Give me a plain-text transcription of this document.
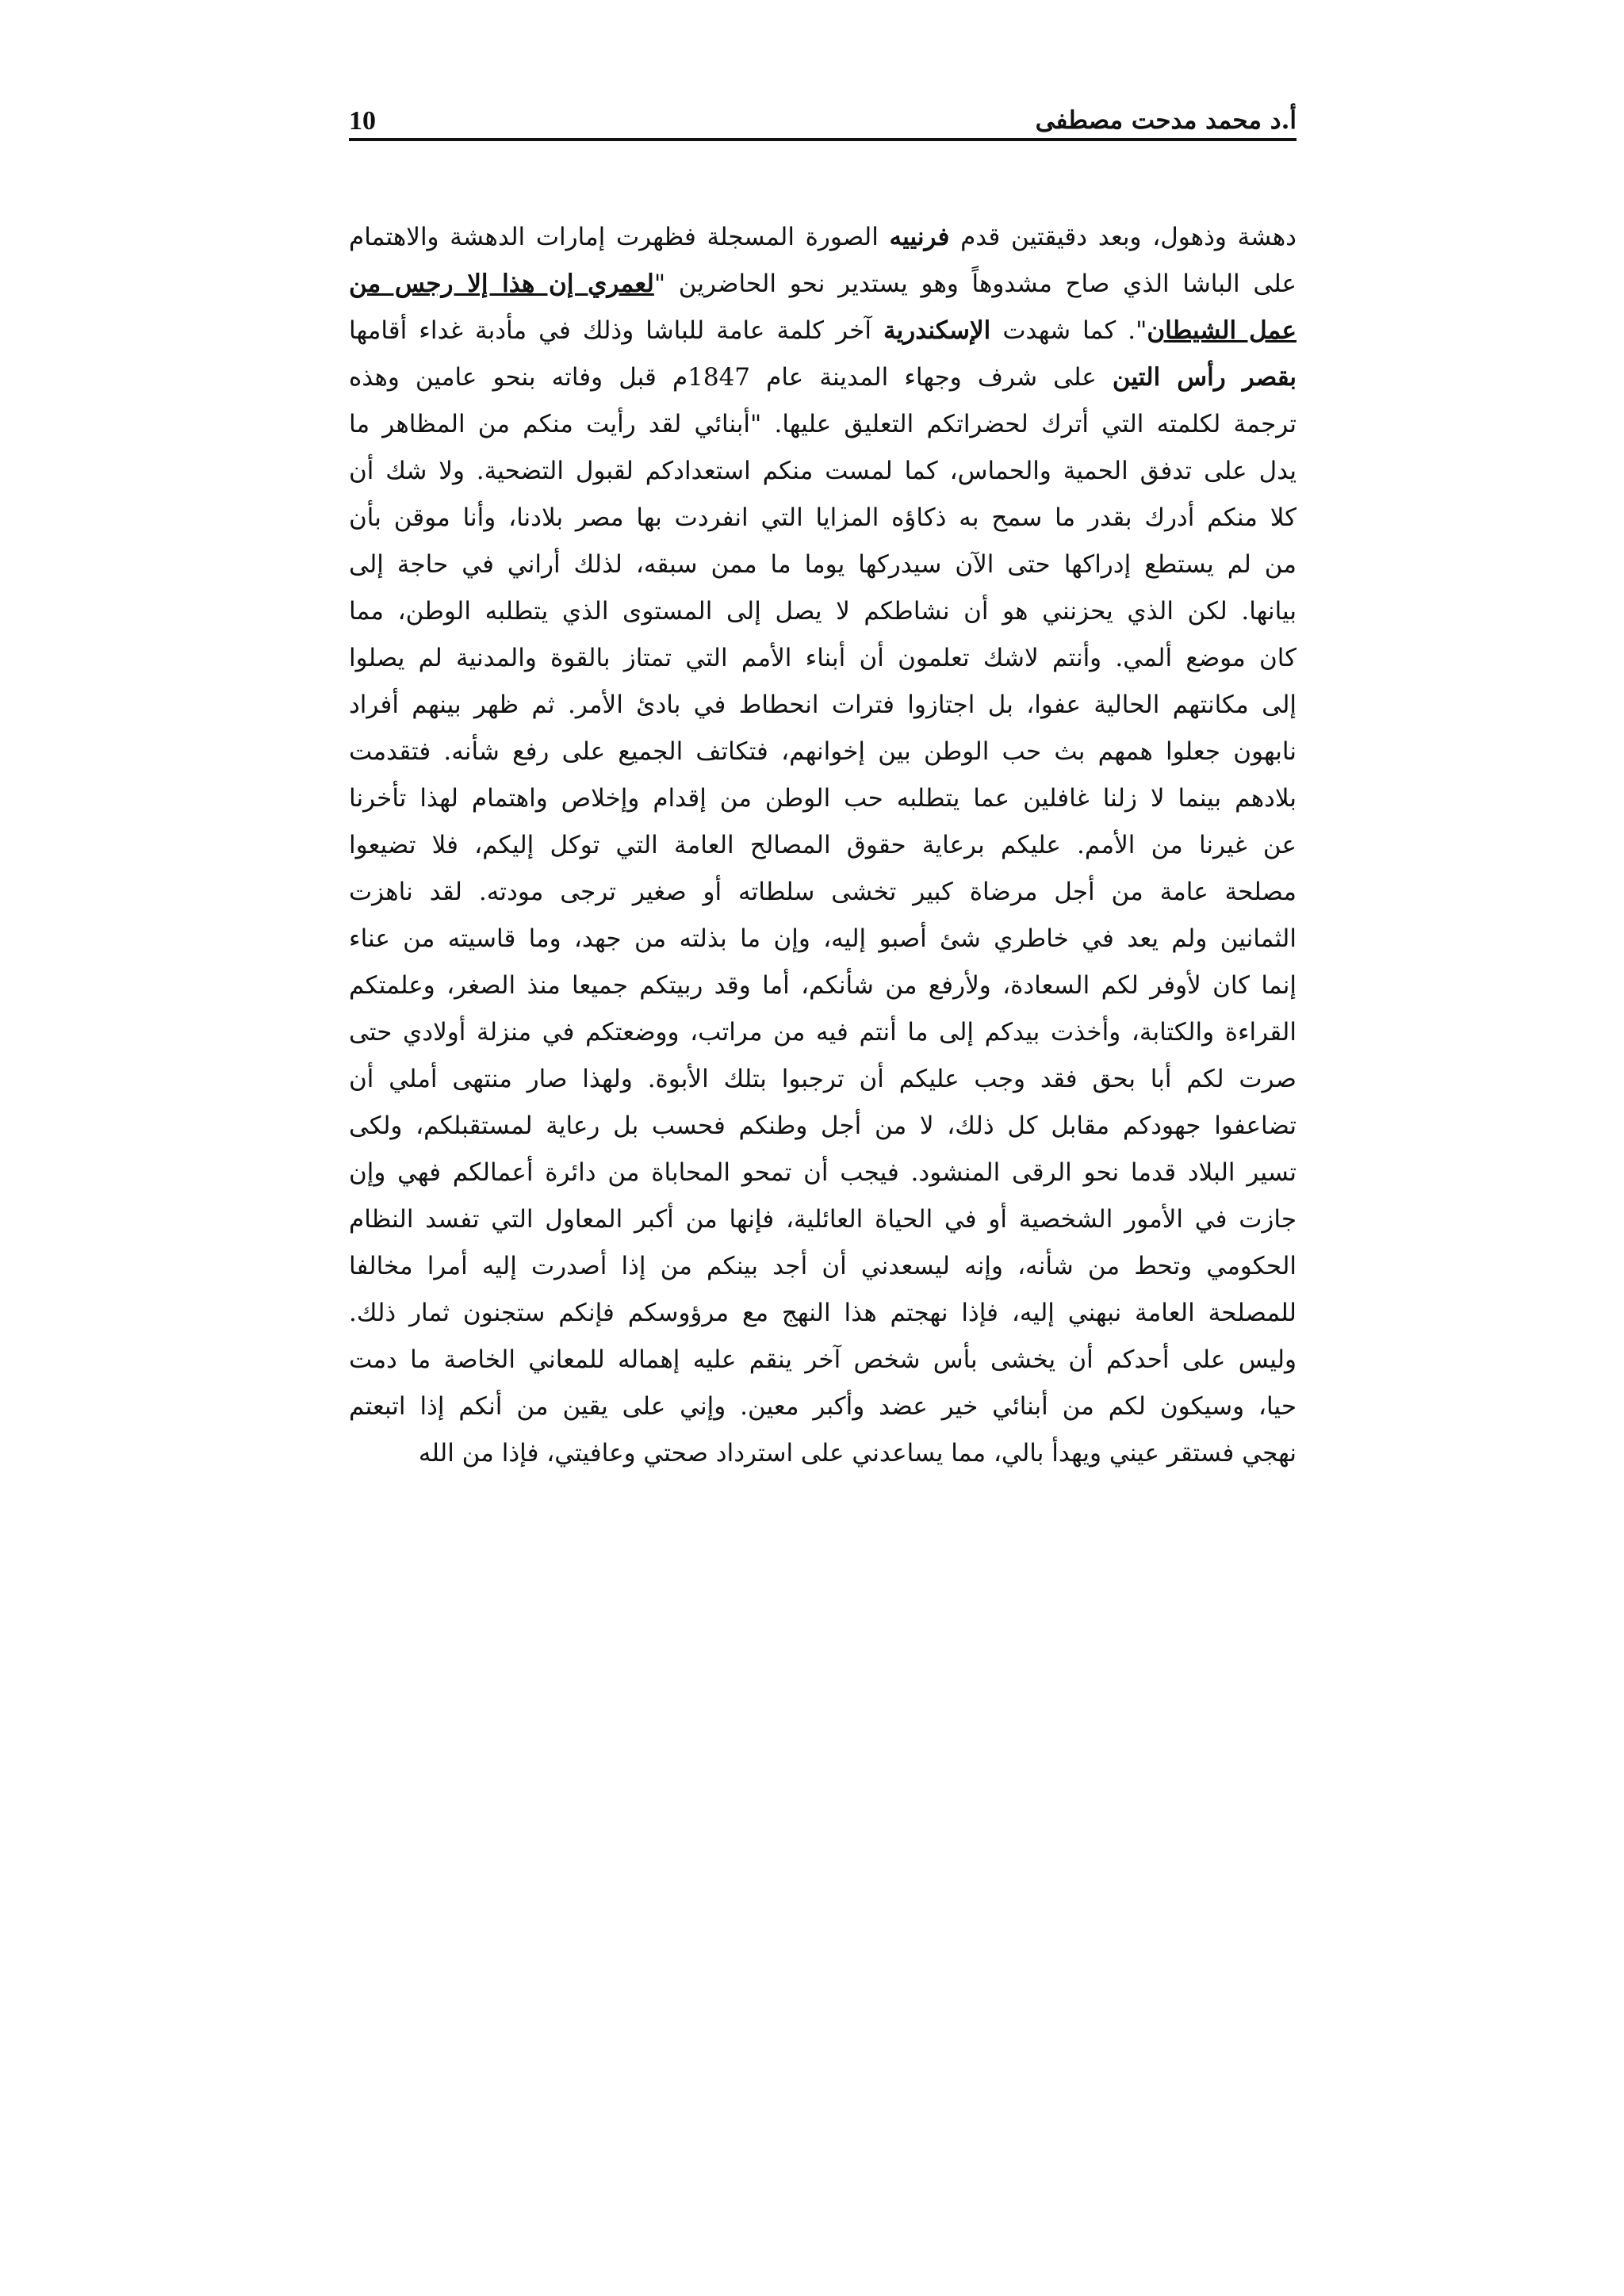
10	أ.د محمد مدحت مصطفى
دهشة وذهول، وبعد دقيقتين قدم فرنييه الصورة المسجلة فظهرت إمارات الدهشة والاهتمام
على الباشا الذي صاح مشدوهاً وهو يستدير نحو الحاضرين "لعمري إن هذا إلا رجس من
عمل الشيطان". كما شهدت الإسكندرية آخر كلمة عامة للباشا وذلك في مأدبة غداء أقامها
بقصر رأس التين على شرف وجهاء المدينة عام 1847م قبل وفاته بنحو عامين وهذه
ترجمة لكلمته التي أترك لحضراتكم التعليق عليها. "أبنائي لقد رأيت منكم من المظاهر ما
يدل على تدفق الحمية والحماس، كما لمست منكم استعدادكم لقبول التضحية. ولا شك أن
كلا منكم أدرك بقدر ما سمح به ذكاؤه المزايا التي انفردت بها مصر بلادنا، وأنا موقن بأن
من لم يستطع إدراكها حتى الآن سيدركها يوما ما ممن سبقه، لذلك أراني في حاجة إلى
بيانها. لكن الذي يحزنني هو أن نشاطكم لا يصل إلى المستوى الذي يتطلبه الوطن، مما
كان موضع ألمي. وأنتم لاشك تعلمون أن أبناء الأمم التي تمتاز بالقوة والمدنية لم يصلوا
إلى مكانتهم الحالية عفوا، بل اجتازوا فترات انحطاط في بادئ الأمر. ثم ظهر بينهم أفراد
نابهون جعلوا همهم بث حب الوطن بين إخوانهم، فتكاتف الجميع على رفع شأنه. فتقدمت
بلادهم بينما لا زلنا غافلين عما يتطلبه حب الوطن من إقدام وإخلاص واهتمام لهذا تأخرنا
عن غيرنا من الأمم. عليكم برعاية حقوق المصالح العامة التي توكل إليكم، فلا تضيعوا
مصلحة عامة من أجل مرضاة كبير تخشى سلطاته أو صغير ترجى مودته. لقد ناهزت
الثمانين ولم يعد في خاطري شئ أصبو إليه، وإن ما بذلته من جهد، وما قاسيته من عناء
إنما كان لأوفر لكم السعادة، ولأرفع من شأنكم، أما وقد ربيتكم جميعا منذ الصغر، وعلمتكم
القراءة والكتابة، وأخذت بيدكم إلى ما أنتم فيه من مراتب، ووضعتكم في منزلة أولادي حتى
صرت لكم أبا بحق فقد وجب عليكم أن ترجبوا بتلك الأبوة. ولهذا صار منتهى أملي أن
تضاعفوا جهودكم مقابل كل ذلك، لا من أجل وطنكم فحسب بل رعاية لمستقبلكم، ولكى
تسير البلاد قدما نحو الرقى المنشود. فيجب أن تمحو المحاباة من دائرة أعمالكم فهي وإن
جازت في الأمور الشخصية أو في الحياة العائلية، فإنها من أكبر المعاول التي تفسد النظام
الحكومي وتحط من شأنه، وإنه ليسعدني أن أجد بينكم من إذا أصدرت إليه أمرا مخالفا
للمصلحة العامة نبهني إليه، فإذا نهجتم هذا النهج مع مرؤوسكم فإنكم ستجنون ثمار ذلك.
وليس على أحدكم أن يخشى بأس شخص آخر ينقم عليه إهماله للمعاني الخاصة ما دمت
حيا، وسيكون لكم من أبنائي خير عضد وأكبر معين. وإني على يقين من أنكم إذا اتبعتم
نهجي فستقر عيني ويهدأ بالي، مما يساعدني على استرداد صحتي وعافيتي، فإذا من الله
